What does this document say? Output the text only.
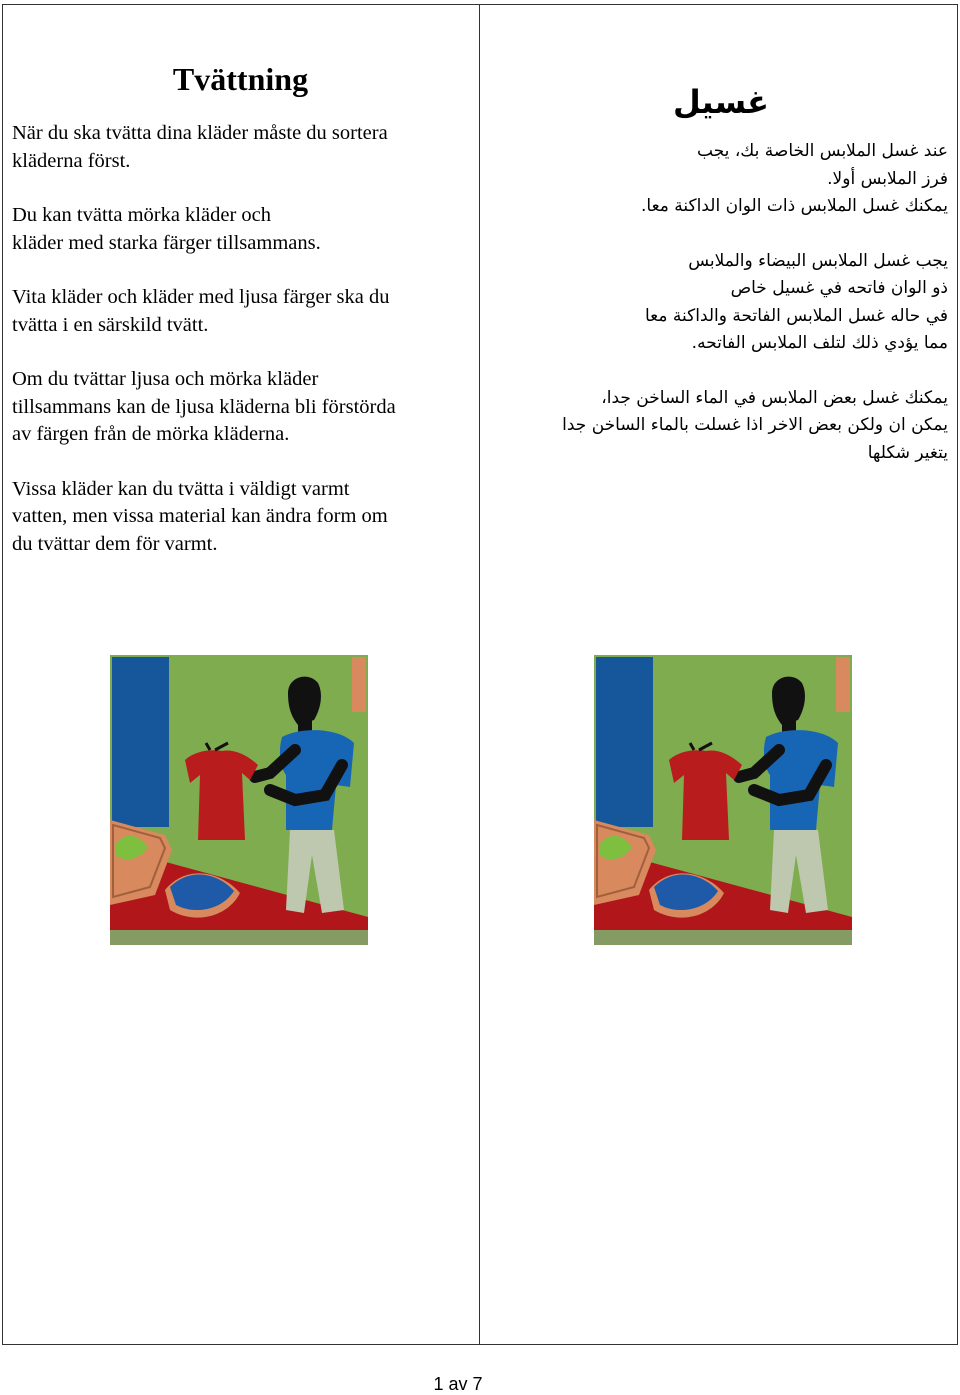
Tvättning

När du ska tvätta dina kläder måste du sortera
kläderna först.

Du kan tvätta mörka kläder och
kläder med starka färger tillsammans.

Vita kläder och kläder med ljusa färger ska du
tvätta i en särskild tvätt.

Om du tvättar ljusa och mörka kläder
tillsammans kan de ljusa kläderna bli förstörda
av färgen från de mörka kläderna.

Vissa kläder kan du tvätta i väldigt varmt
vatten, men vissa material kan ändra form om
du tvättar dem för varmt.

غسيل

عند غسل الملابس الخاصة بك، يجب
فرز الملابس أولا.
يمكنك غسل الملابس ذات الوان الداكنة معا.

يجب غسل الملابس البيضاء والملابس
ذو الوان فاتحه في غسيل خاص
في حاله غسل الملابس الفاتحة والداكنة معا
مما يؤدي ذلك لتلف الملابس الفاتحه.

يمكنك غسل بعض الملابس في الماء الساخن جدا،
يمكن ان ولكن بعض الاخر اذا غسلت بالماء الساخن جدا
يتغير شكلها

1 av 7
